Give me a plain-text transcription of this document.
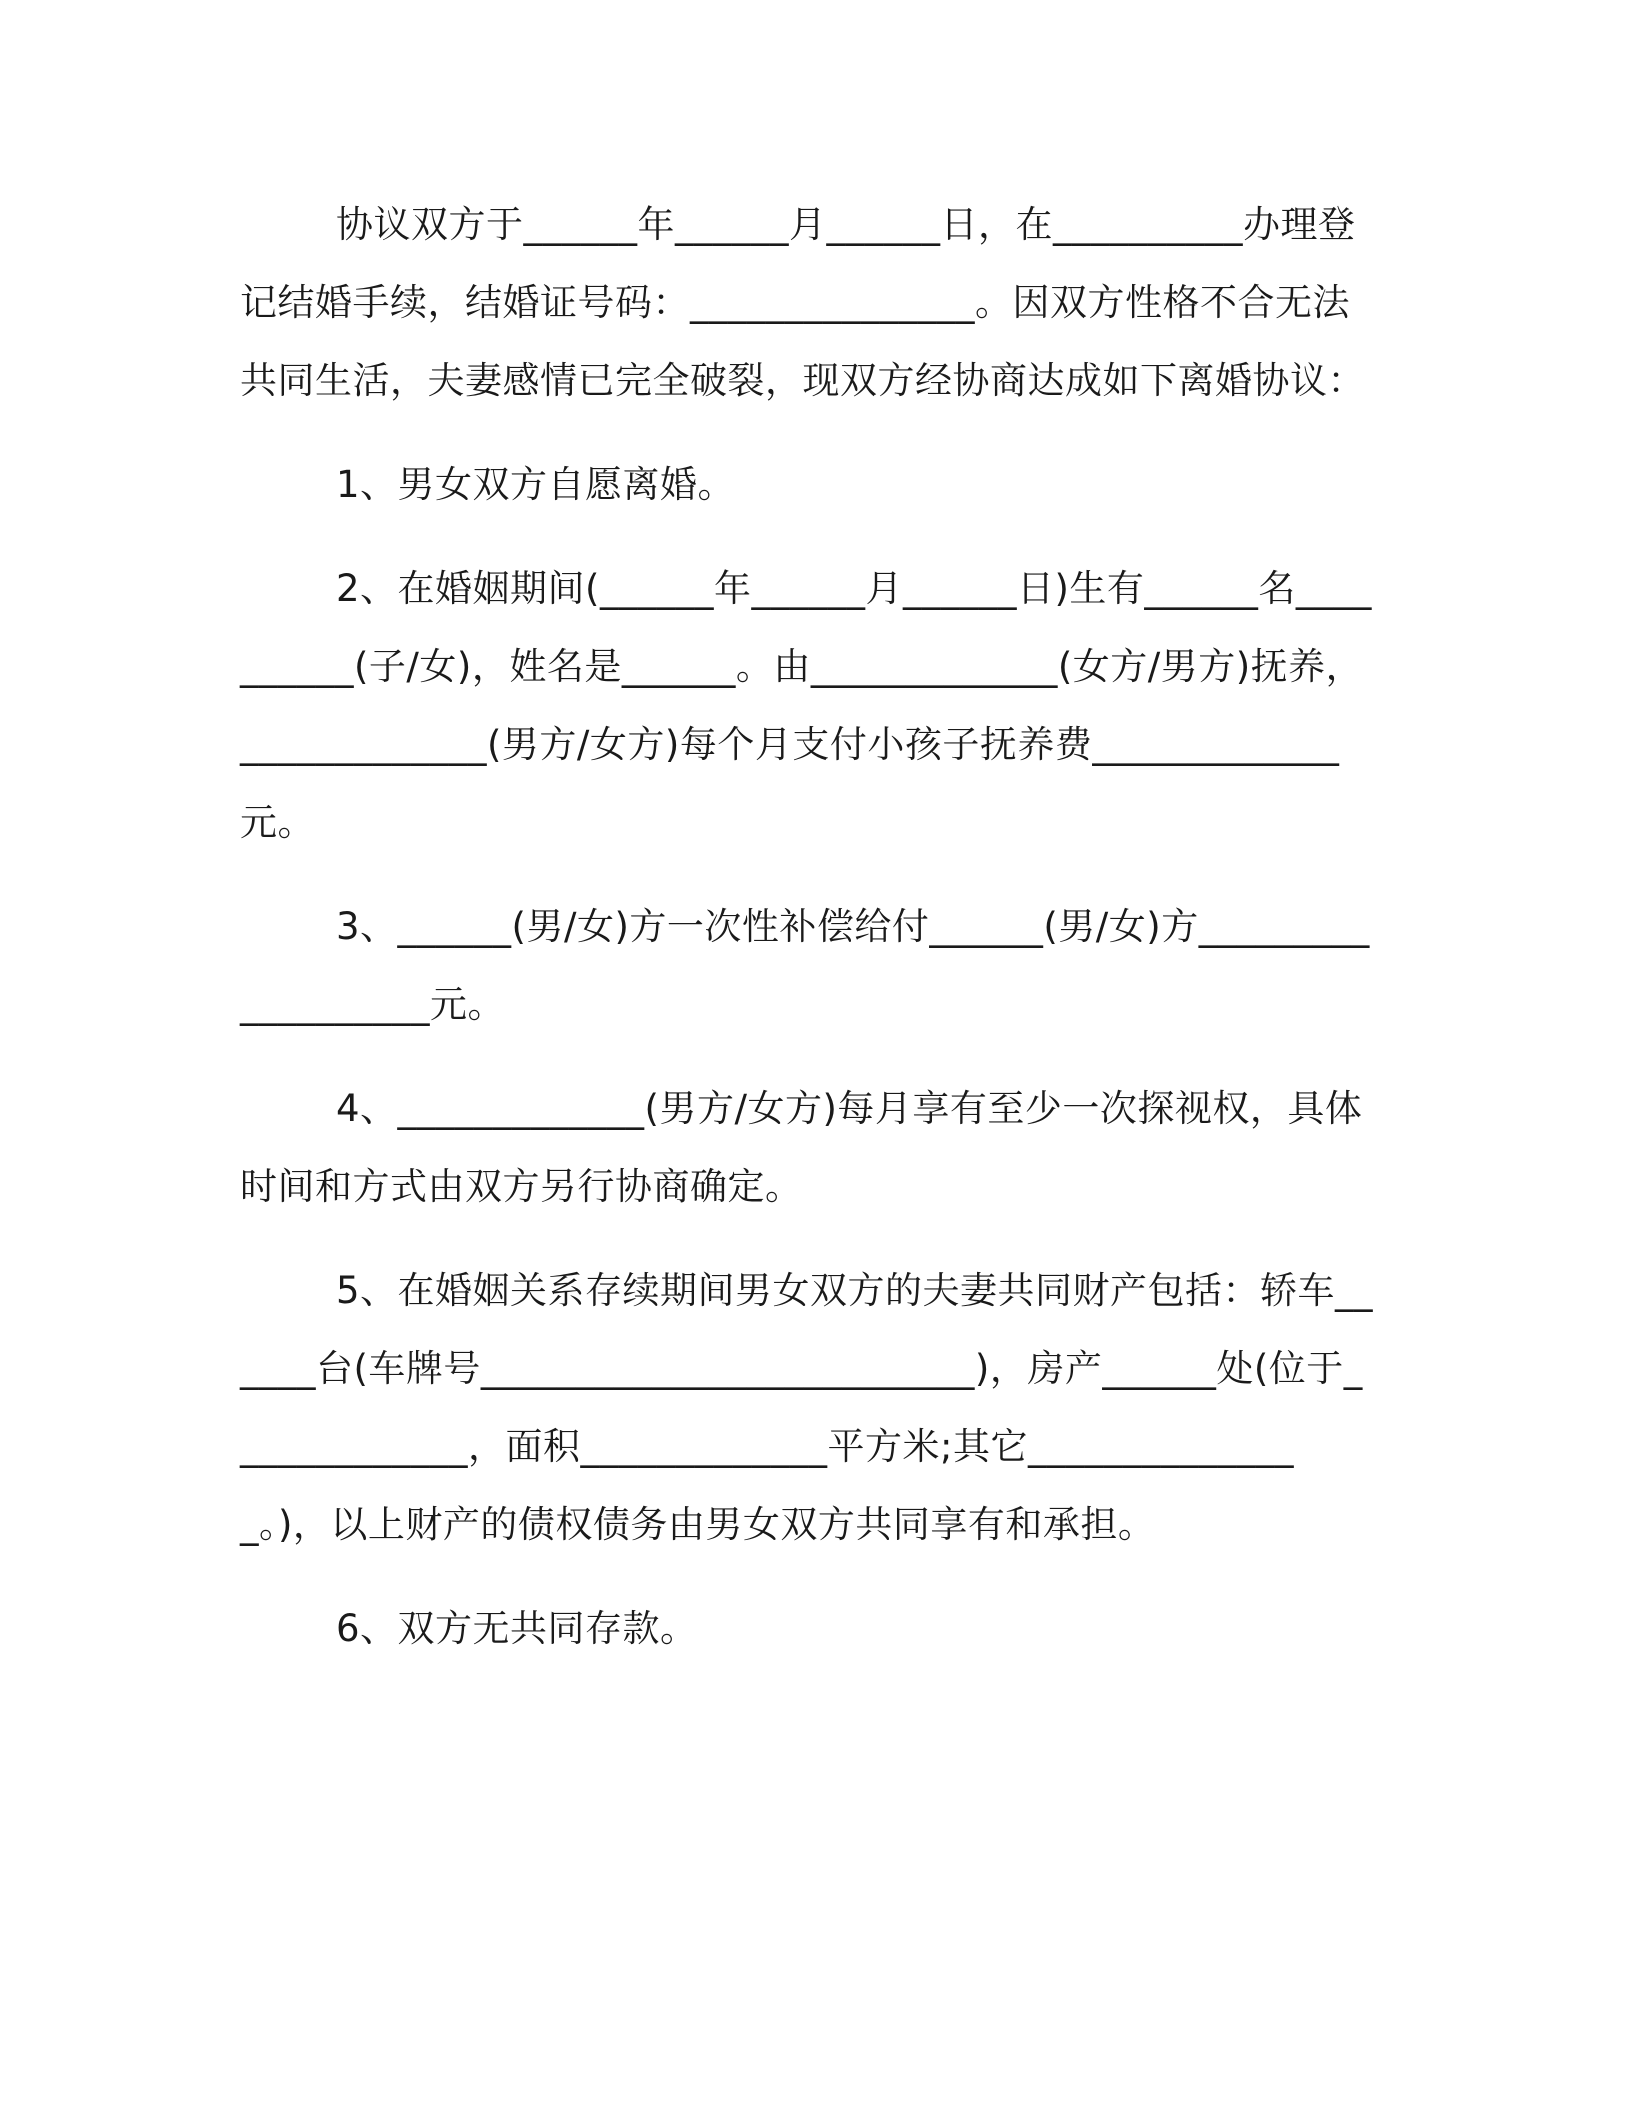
协议双方于______年______月______日，在__________办理登记结婚手续，结婚证号码：_______________。因双方性格不合无法共同生活，夫妻感情已完全破裂，现双方经协商达成如下离婚协议：

1、男女双方自愿离婚。

2、在婚姻期间(______年______月______日)生有______名__________(子/女)，姓名是______。由_____________(女方/男方)抚养，_____________(男方/女方)每个月支付小孩子抚养费_____________元。

3、______(男/女)方一次性补偿给付______(男/女)方___________________元。

4、_____________(男方/女方)每月享有至少一次探视权，具体时间和方式由双方另行协商确定。

5、在婚姻关系存续期间男女双方的夫妻共同财产包括：轿车______台(车牌号__________________________)，房产______处(位于_____________，面积_____________平方米;其它_______________。)，以上财产的债权债务由男女双方共同享有和承担。

6、双方无共同存款。
